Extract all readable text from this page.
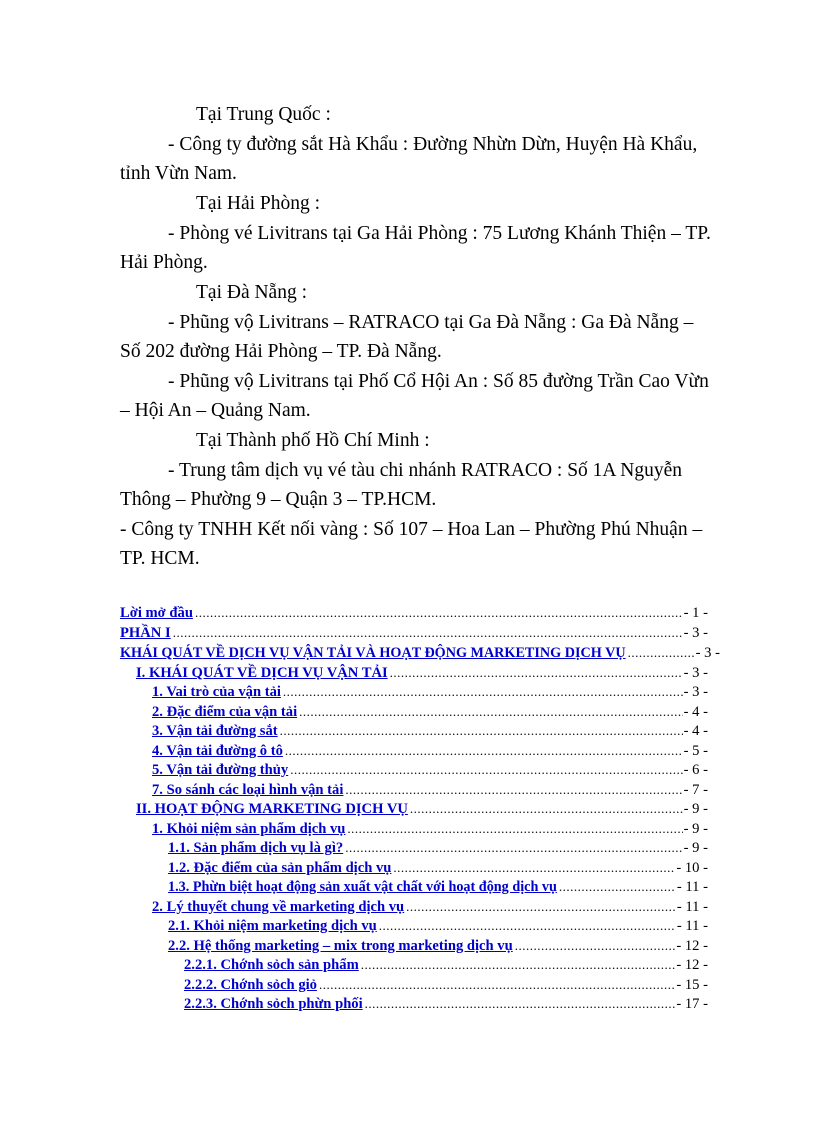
Tại Trung Quốc :
- Công ty đường sắt Hà Khẩu : Đường Nhừn Dừn, Huyện Hà Khẩu,
tỉnh Vừn Nam.
Tại Hải Phòng :
- Phòng vé Livitrans tại Ga Hải Phòng : 75 Lương Khánh Thiện – TP.
Hải Phòng.
Tại Đà Nẵng :
- Phũng vộ Livitrans – RATRACO tại Ga Đà Nẵng : Ga Đà Nẵng –
Số 202 đường Hải Phòng – TP. Đà Nẵng.
- Phũng vộ Livitrans tại Phố Cổ Hội An : Số 85 đường Trần Cao Vừn
– Hội An – Quảng Nam.
Tại Thành phố Hồ Chí Minh :
- Trung tâm dịch vụ vé tàu chi nhánh RATRACO : Số 1A Nguyễn
Thông – Phường 9 – Quận 3 – TP.HCM.
- Công ty TNHH Kết nối vàng : Số 107 – Hoa Lan – Phường Phú Nhuận –
TP. HCM.
Lời mở đầu .....	- 1 -
PHẦN I .....	- 3 -
KHÁI QUÁT VỀ DỊCH VỤ VẬN TẢI VÀ HOẠT ĐỘNG MARKETING DỊCH VỤ .....	- 3 -
I. KHÁI QUÁT VỀ DỊCH VỤ VẬN TẢI .....	- 3 -
1. Vai trò của vận tải .....	- 3 -
2. Đặc điểm của vận tải .....	- 4 -
3. Vận tải đường sắt .....	- 4 -
4. Vận tải đường ô tô .....	- 5 -
5. Vận tải đường thủy .....	- 6 -
7. So sánh các loại hình vận tải .....	- 7 -
II. HOẠT ĐỘNG MARKETING DỊCH VỤ .....	- 9 -
1. Khỏi niệm sản phẩm dịch vụ .....	- 9 -
1.1. Sản phẩm dịch vụ là gì? .....	- 9 -
1.2. Đặc điểm của sản phẩm dịch vụ .....	- 10 -
1.3. Phừn biệt hoạt động sản xuất vật chất với hoạt động dịch vụ .....	- 11 -
2. Lý thuyết chung về marketing dịch vụ .....	- 11 -
2.1. Khỏi niệm marketing dịch vụ .....	- 11 -
2.2. Hệ thống marketing – mix trong marketing dịch vụ .....	- 12 -
2.2.1. Chớnh sỏch sản phẩm .....	- 12 -
2.2.2. Chớnh sỏch giỏ .....	- 15 -
2.2.3. Chớnh sỏch phừn phối .....	- 17 -
